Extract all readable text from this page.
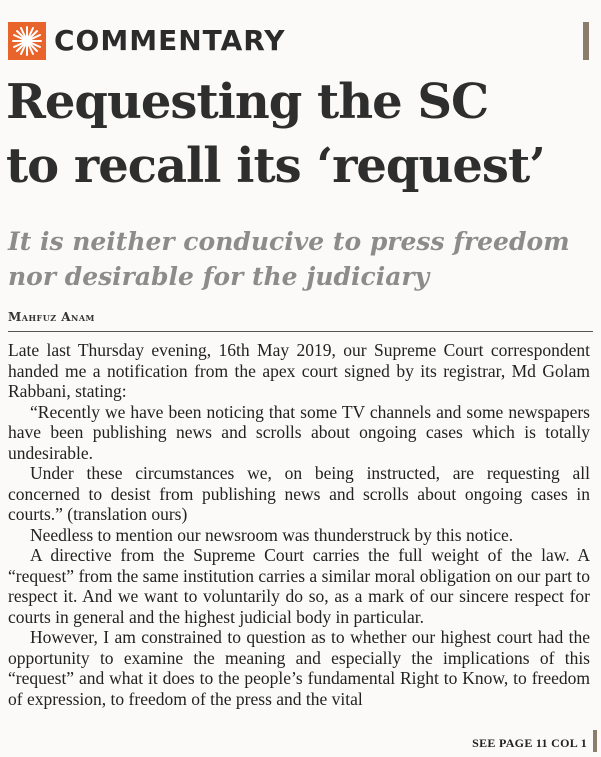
COMMENTARY
Requesting the SC
to recall its ‘request’
It is neither conducive to press freedom
nor desirable for the judiciary
Mahfuz Anam

Late last Thursday evening, 16th May 2019, our Supreme Court correspondent handed me a notification from the apex court signed by its registrar, Md Golam Rabbani, stating:

“Recently we have been noticing that some TV channels and some newspapers have been publishing news and scrolls about ongoing cases which is totally undesirable.

Under these circumstances we, on being instructed, are requesting all concerned to desist from publishing news and scrolls about ongoing cases in courts.” (translation ours)

Needless to mention our newsroom was thunderstruck by this notice.

A directive from the Supreme Court carries the full weight of the law. A “request” from the same institution carries a similar moral obligation on our part to respect it. And we want to voluntarily do so, as a mark of our sincere respect for courts in general and the highest judicial body in particular.

However, I am constrained to question as to whether our highest court had the opportunity to examine the meaning and especially the implications of this “request” and what it does to the people’s fundamental Right to Know, to freedom of expression, to freedom of the press and the vital

SEE PAGE 11 COL 1
